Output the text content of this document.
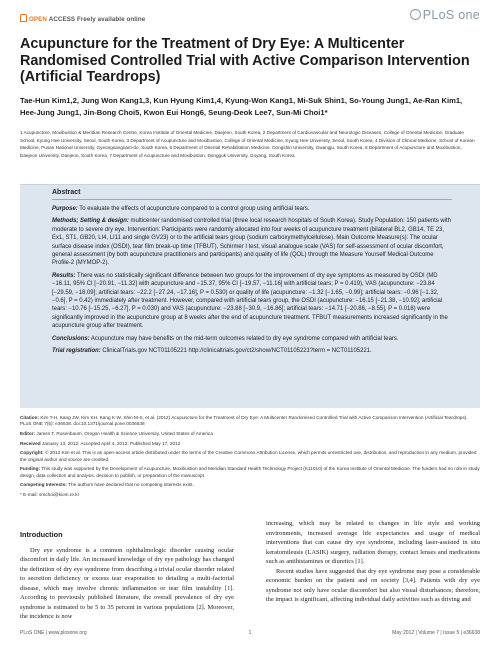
OPEN ACCESS Freely available online	PLoS one
Acupuncture for the Treatment of Dry Eye: A Multicenter Randomised Controlled Trial with Active Comparison Intervention (Artificial Teardrops)

Tae-Hun Kim1,2, Jung Won Kang1,3, Kun Hyung Kim1,4, Kyung-Won Kang1, Mi-Suk Shin1, So-Young Jung1, Ae-Ran Kim1, Hee-Jung Jung1, Jin-Bong Choi5, Kwon Eui Hong6, Seung-Deok Lee7, Sun-Mi Choi1*

1 Acupuncture, Moxibustion & Meridian Research Centre, Korea Institute of Oriental Medicine, Daejeon, South Korea, 2 Department of Cardiovascular and Neurologic Diseases, College of Oriental Medicine, Graduate School, Kyung Hee University, Seoul, South Korea, 3 Department of Acupuncture and Moxibustion, College of Oriental Medicine, Kyung Hee University, Seoul, South Korea, 4 Division of Clinical Medicine, School of Korean Medicine, Pusan National University, Gyeongsangnam-do, South Korea, 5 Department of Oriental Rehabilitation Medicine, Dongshin University, Gwangju, South Korea, 6 Department of Acupuncture and Moxibustion, Daejeon University, Daejeon, South Korea, 7 Department of Acupuncture and Moxibustion, Dongguk University, Goyang, South Korea

Abstract

Purpose: To evaluate the effects of acupuncture compared to a control group using artificial tears.

Methods; Setting & design: multicenter randomised controlled trial (three local research hospitals of South Korea). Study Population: 150 patients with moderate to severe dry eye. Intervention: Participants were randomly allocated into four weeks of acupuncture treatment (bilateral BL2, GB14, TE 23, Ex1, ST1, GB20, LI4, LI11 and single GV23) or to the artificial tears group (sodium carboxymethylcellulose). Main Outcome Measure(s): The ocular surface disease index (OSDI), tear film break-up time (TFBUT), Schirmer I test, visual analogue scale (VAS) for self-assessment of ocular discomfort, general assessment (by both acupuncture practitioners and participants) and quality of life (QOL) through the Measure Yourself Medical Outcome Profile-2 (MYMOP-2).

Results: There was no statistically significant difference between two groups for the improvement of dry eye symptoms as measured by OSDI (MD −16.11, 95% CI [−20.91, −11.32] with acupuncture and −15.37, 95% CI [−19.57, −11.16] with artificial tears; P = 0.419), VAS (acupuncture: −23.84 [−29.59, −18.09]; artificial tears: −22.2 [−27.24, −17.16], P = 0.530) or quality of life (acupuncture: −1.32 [−1.65, −0.99]; artificial tears: −0.96 [−1.32, −0.6], P = 0.42) immediately after treatment. However, compared with artificial tears group, the OSDI (acupuncture: −16.15 [−21.38, −10.92]; artificial tears: −10.76 [−15.25, −6.27], P = 0.030) and VAS (acupuncture: −23.88 [−30.9, −16.86]; artificial tears: −14.71 [−20.86, −8.55], P = 0.018) were significantly improved in the acupuncture group at 8 weeks after the end of acupuncture treatment. TFBUT measurements increased significantly in the acupuncture group after treatment.

Conclusions: Acupuncture may have benefits on the mid-term outcomes related to dry eye syndrome compared with artificial tears.

Trial registration: ClinicalTrials.gov NCT01105221 http://clinicaltrials.gov/ct2/show/NCT01105221?term = NCT01105221.

Citation: Kim T-H, Kang JW, Kim KH, Kang K-W, Shin M-S, et al. (2012) Acupuncture for the Treatment of Dry Eye: A Multicenter Randomised Controlled Trial with Active Comparison Intervention (Artificial Teardrops). PLoS ONE 7(5): e36638. doi:10.1371/journal.pone.0036638

Editor: James T. Rosenbaum, Oregon Health & Science University, United States of America

Received January 13, 2012; Accepted April 4, 2012; Published May 17, 2012

Copyright: © 2012 Kim et al. This is an open-access article distributed under the terms of the Creative Commons Attribution License, which permits unrestricted use, distribution, and reproduction in any medium, provided the original author and source are credited.

Funding: This study was supported by the Development of Acupuncture, Moxibustion and Meridian Standard Health Technology Project (K11010) of the Korea Institute of Oriental Medicine. The funders had no role in study design, data collection and analysis, decision to publish, or preparation of the manuscript.

Competing Interests: The authors have declared that no competing interests exist.

* E-mail: smchoi@kiom.re.kr

Introduction

Dry eye syndrome is a common ophthalmologic disorder causing ocular discomfort in daily life. An increased knowledge of dry eye pathology has changed the definition of dry eye syndrome from describing a trivial ocular disorder related to secretion deficiency or excess tear evaporation to detailing a multi-factorial disease, which may involve chronic inflammation or tear film instability [1]. According to previously published literature, the overall prevalence of dry eye syndrome is estimated to be 5 to 35 percent in various populations [2]. Moreover, the incidence is now

increasing, which may be related to changes in life style and working environments, increased average life expectancies and usage of medical interventions that can cause dry eye syndrome, including laser-assisted in situ keratomileusis (LASIK) surgery, radiation therapy, contact lenses and medications such as antihistamines or diuretics [1].

Recent studies have suggested that dry eye syndrome may pose a considerable economic burden on the patient and on society [3,4]. Patients with dry eye syndrome not only have ocular discomfort but also visual disturbances; therefore, the impact is significant, affecting individual daily activities such as driving and

PLoS ONE | www.plosone.org	1	May 2012 | Volume 7 | Issue 5 | e36638
